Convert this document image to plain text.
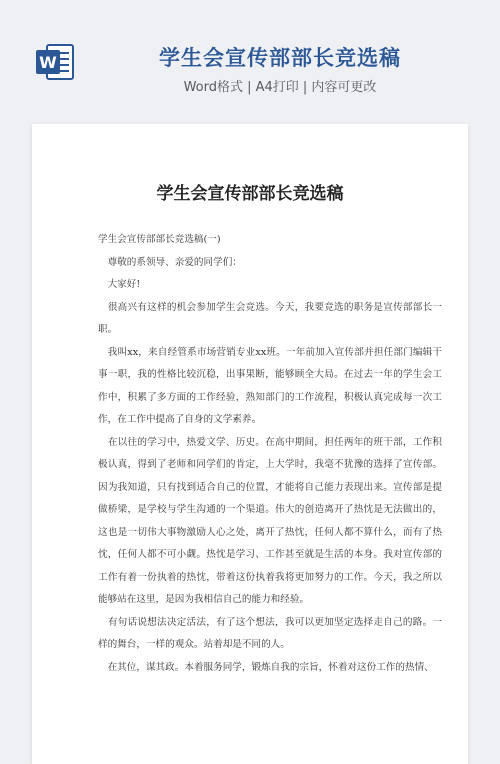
W	学生会宣传部部长竞选稿
Word格式 | A4打印 | 内容可更改
学生会宣传部部长竞选稿

学生会宣传部部长竞选稿(一)

　尊敬的系领导、亲爱的同学们：

　大家好!

　很高兴有这样的机会参加学生会竞选。今天，我要竞选的职务是宣传部部长一职。

　我叫xx，来自经管系市场营销专业xx班。一年前加入宣传部并担任部门编辑干事一职，我的性格比较沉稳，出事果断，能够顾全大局。在过去一年的学生会工作中，积累了多方面的工作经验，熟知部门的工作流程，积极认真完成每一次工作，在工作中提高了自身的文学素养。

　在以往的学习中，热爱文学、历史。在高中期间，担任两年的班干部，工作积极认真，得到了老师和同学们的肯定，上大学时，我毫不犹豫的选择了宣传部。因为我知道，只有找到适合自己的位置，才能将自己能力表现出来。宣传部是提做桥梁，是学校与学生沟通的一个渠道。伟大的创造离开了热忱是无法做出的，这也是一切伟大事物激励人心之处，离开了热忱，任何人都不算什么，而有了热忱，任何人都不可小觑。热忱是学习、工作甚至就是生活的本身。我对宣传部的工作有着一份执着的热忱，带着这份执着我将更加努力的工作。今天，我之所以能够站在这里，是因为我相信自己的能力和经验。

　有句话说想法决定活法，有了这个想法，我可以更加坚定选择走自己的路。一样的舞台，一样的观众。站着却是不同的人。

　在其位，谋其政。本着服务同学，锻炼自我的宗旨，怀着对这份工作的热情、
